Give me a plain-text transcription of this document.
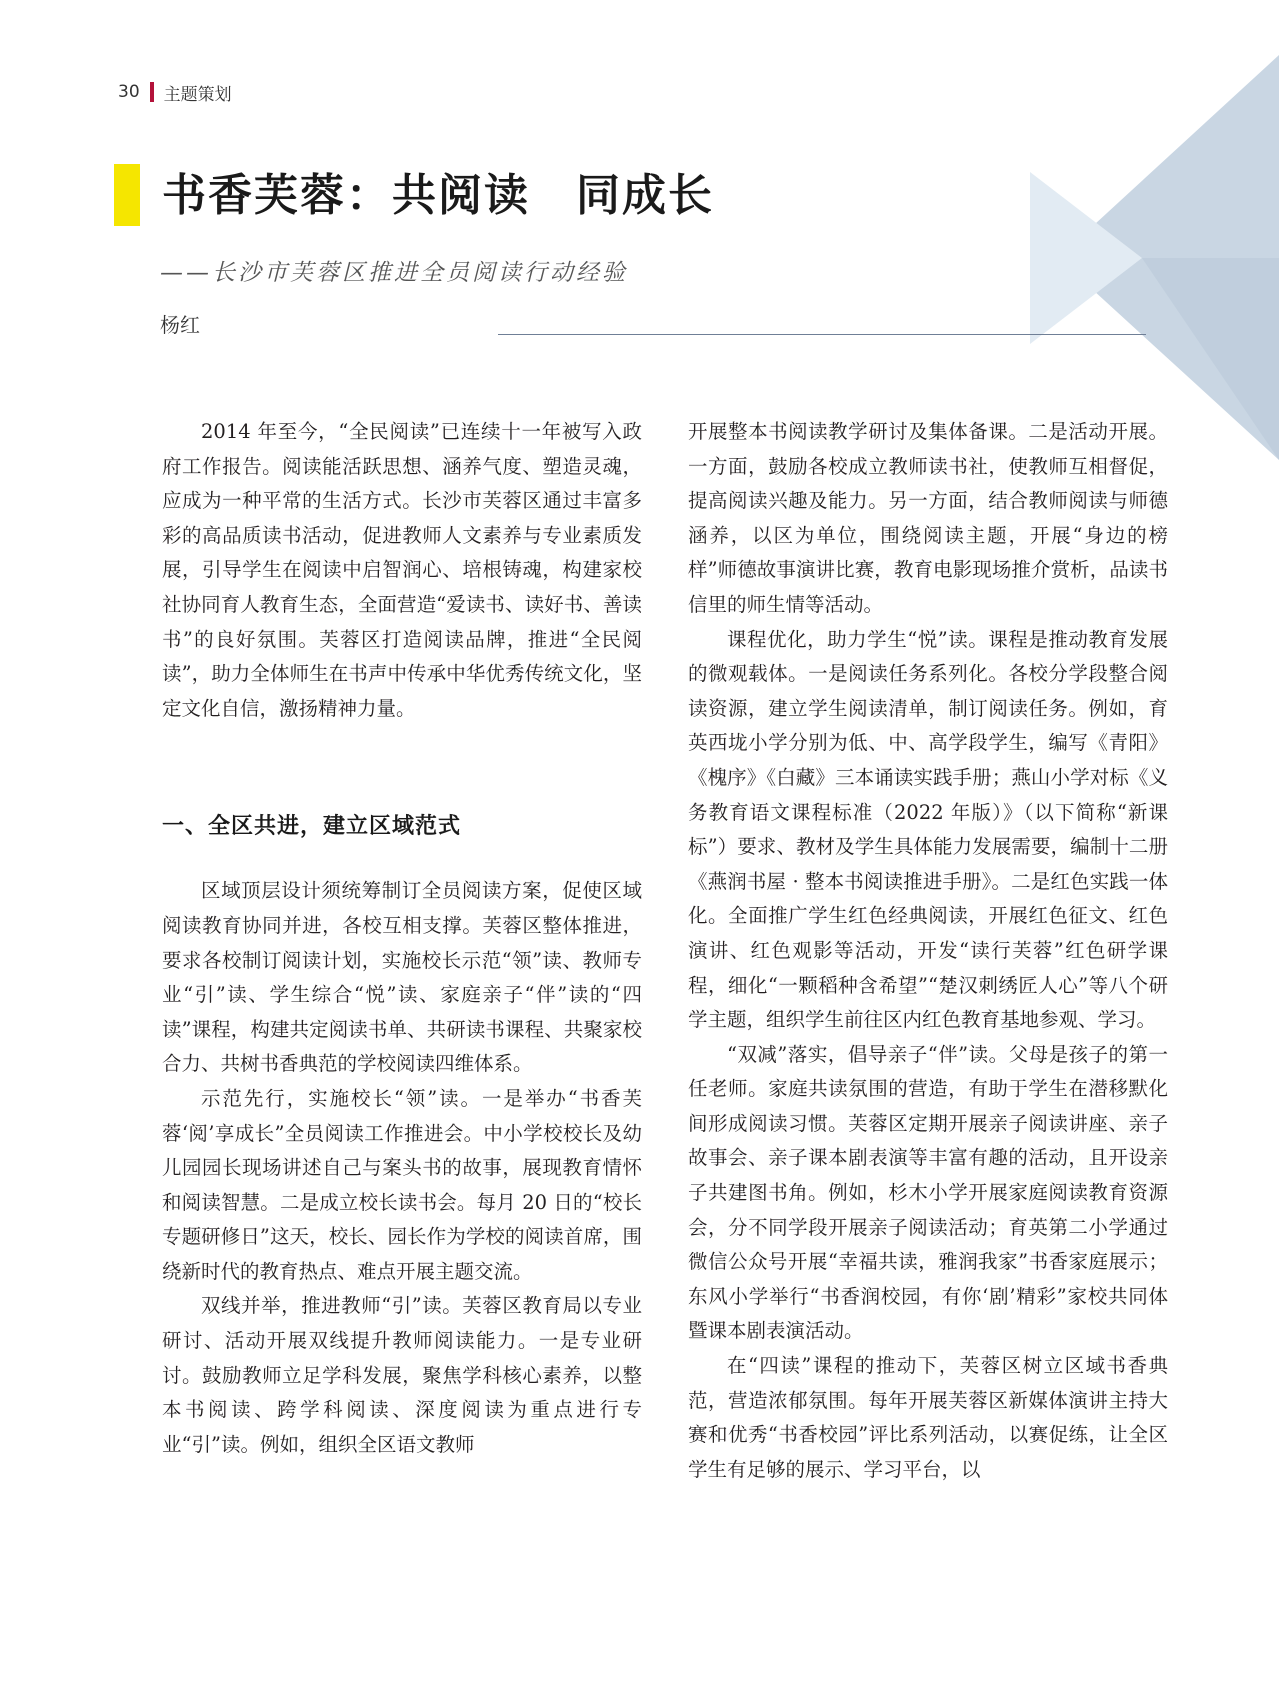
30 主题策划
书香芙蓉：共阅读　同成长
——长沙市芙蓉区推进全员阅读行动经验
杨红

2014 年至今，“全民阅读”已连续十一年被写入政府工作报告。阅读能活跃思想、涵养气度、塑造灵魂，应成为一种平常的生活方式。长沙市芙蓉区通过丰富多彩的高品质读书活动，促进教师人文素养与专业素质发展，引导学生在阅读中启智润心、培根铸魂，构建家校社协同育人教育生态，全面营造“爱读书、读好书、善读书”的良好氛围。芙蓉区打造阅读品牌，推进“全民阅读”，助力全体师生在书声中传承中华优秀传统文化，坚定文化自信，激扬精神力量。

一、全区共进，建立区域范式

区域顶层设计须统筹制订全员阅读方案，促使区域阅读教育协同并进，各校互相支撑。芙蓉区整体推进，要求各校制订阅读计划，实施校长示范“领”读、教师专业“引”读、学生综合“悦”读、家庭亲子“伴”读的“四读”课程，构建共定阅读书单、共研读书课程、共聚家校合力、共树书香典范的学校阅读四维体系。

示范先行，实施校长“领”读。一是举办“书香芙蓉‘阅’享成长”全员阅读工作推进会。中小学校校长及幼儿园园长现场讲述自己与案头书的故事，展现教育情怀和阅读智慧。二是成立校长读书会。每月 20 日的“校长专题研修日”这天，校长、园长作为学校的阅读首席，围绕新时代的教育热点、难点开展主题交流。

双线并举，推进教师“引”读。芙蓉区教育局以专业研讨、活动开展双线提升教师阅读能力。一是专业研讨。鼓励教师立足学科发展，聚焦学科核心素养，以整本书阅读、跨学科阅读、深度阅读为重点进行专业“引”读。例如，组织全区语文教师

开展整本书阅读教学研讨及集体备课。二是活动开展。一方面，鼓励各校成立教师读书社，使教师互相督促，提高阅读兴趣及能力。另一方面，结合教师阅读与师德涵养，以区为单位，围绕阅读主题，开展“身边的榜样”师德故事演讲比赛，教育电影现场推介赏析，品读书信里的师生情等活动。

课程优化，助力学生“悦”读。课程是推动教育发展的微观载体。一是阅读任务系列化。各校分学段整合阅读资源，建立学生阅读清单，制订阅读任务。例如，育英西垅小学分别为低、中、高学段学生，编写《青阳》《槐序》《白藏》三本诵读实践手册；燕山小学对标《义务教育语文课程标准（2022 年版）》（以下简称“新课标”）要求、教材及学生具体能力发展需要，编制十二册《燕润书屋 · 整本书阅读推进手册》。二是红色实践一体化。全面推广学生红色经典阅读，开展红色征文、红色演讲、红色观影等活动，开发“读行芙蓉”红色研学课程，细化“一颗稻种含希望”“楚汉刺绣匠人心”等八个研学主题，组织学生前往区内红色教育基地参观、学习。

“双减”落实，倡导亲子“伴”读。父母是孩子的第一任老师。家庭共读氛围的营造，有助于学生在潜移默化间形成阅读习惯。芙蓉区定期开展亲子阅读讲座、亲子故事会、亲子课本剧表演等丰富有趣的活动，且开设亲子共建图书角。例如，杉木小学开展家庭阅读教育资源会，分不同学段开展亲子阅读活动；育英第二小学通过微信公众号开展“幸福共读，雅润我家”书香家庭展示；东风小学举行“书香润校园，有你‘剧’精彩”家校共同体暨课本剧表演活动。

在“四读”课程的推动下，芙蓉区树立区域书香典范，营造浓郁氛围。每年开展芙蓉区新媒体演讲主持大赛和优秀“书香校园”评比系列活动，以赛促练，让全区学生有足够的展示、学习平台，以
